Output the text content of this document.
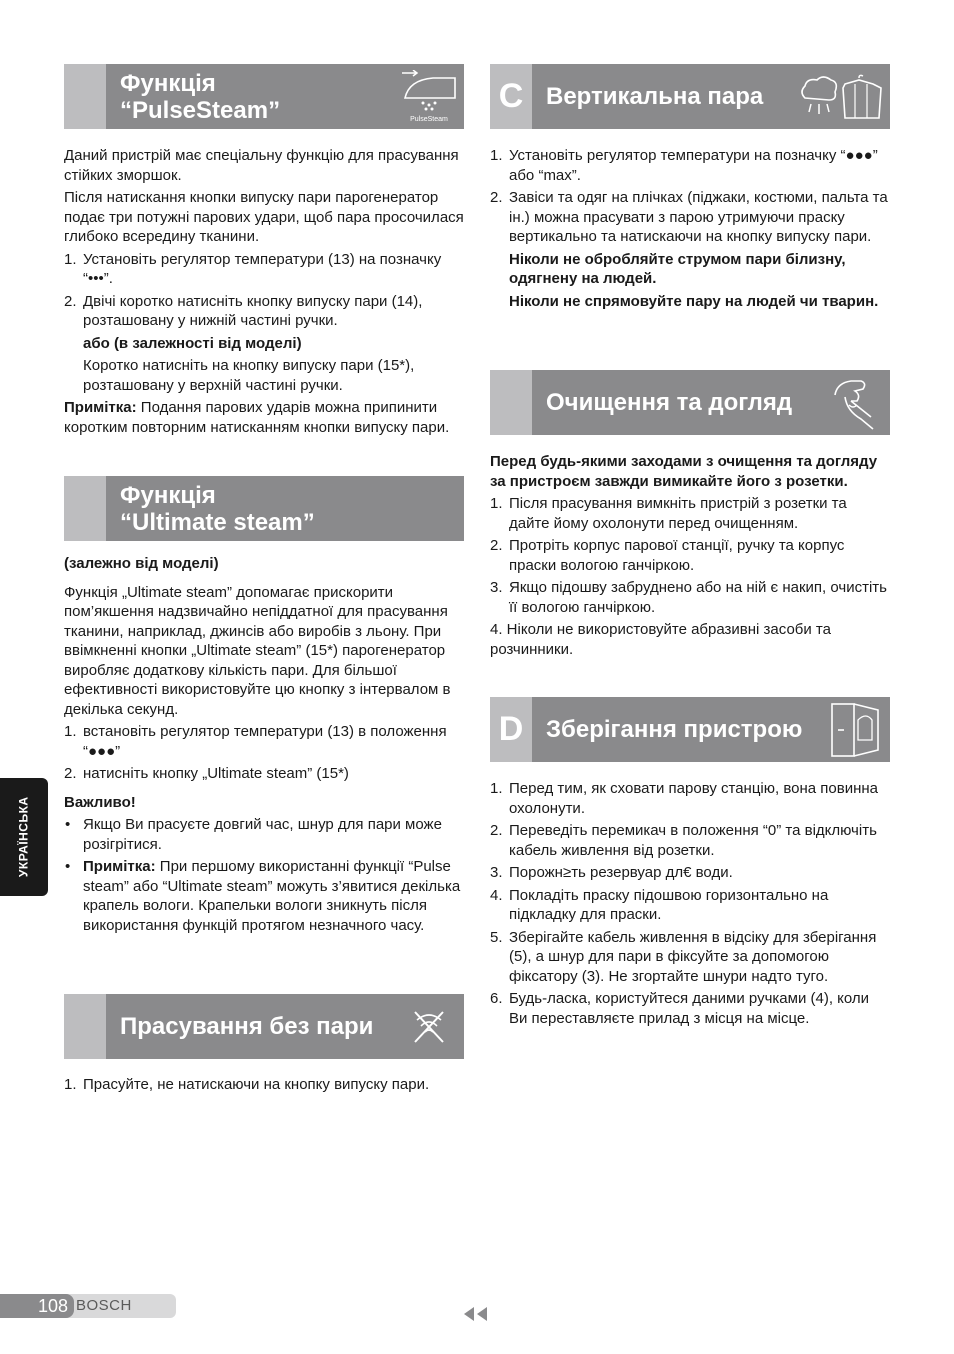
Функція
“PulseSteam”	PulseSteam

Даний пристрій має спеціальну функцію для прасування стійких зморшок.

Після натискання кнопки випуску пари парогенератор подає три потужні парових удари, щоб пара просочилася глибоко всередину тканини.

1. Установіть регулятор температури (13) на позначку “•••”.
2. Двічі коротко натисніть кнопку випуску пари (14), розташовану у нижній частині ручки.

або (в залежності від моделі)

Коротко натисніть на кнопку випуску пари (15*), розташовану у верхній частині ручки.

Примітка: Подання парових ударів можна припинити коротким повторним натисканням кнопки випуску пари.

Функція
“Ultimate steam”

(залежно від моделі)

Функція „Ultimate steam” допомагає прискорити пом’якшення надзвичайно непіддатної для прасування тканини, наприклад, джинсів або виробів з льону. При ввімкненні кнопки „Ultimate steam” (15*) парогенератор виробляє додаткову кількість пари. Для більшої ефективності використовуйте цю кнопку з інтервалом в декілька секунд.

1. встановіть регулятор температури (13) в положення “●●●”
2. натисніть кнопку „Ultimate steam” (15*)

Важливо!

• Якщо Ви прасуєте довгий час, шнур для пари може розігрітися.
• Примітка: При першому використанні функції “Pulse steam” або “Ultimate steam” можуть з’явитися декілька крапель вологи. Крапельки вологи зникнуть після використання функцій протягом незначного часу.
Прасування без пари
1. Прасуйте, не натискаючи на кнопку випуску пари.
C Вертикальна пара
1. Установіть регулятор температури на позначку “●●●” або “max”.
2. Завіси та одяг на плічках (піджаки, костюми, пальта та ін.) можна прасувати з парою утримуючи праску вертикально та натискаючи на кнопку випуску пари.

Ніколи не обробляйте струмом пари білизну, одягнену на людей.

Ніколи не спрямовуйте пару на людей чи тварин.

Очищення та догляд

Перед будь-якими заходами з очищення та догляду за пристроєм завжди вимикайте його з розетки.

1. Після прасування вимкніть пристрій з розетки та дайте йому охолонути перед очищенням.
2. Протріть корпус парової станції, ручку та корпус праски вологою ганчіркою.
3. Якщо підошву забруднено або на ній є накип, очистіть її вологою ганчіркою.

4. Ніколи не використовуйте абразивні засоби та розчинники.

D Зберігання пристрою
1. Перед тим, як сховати парову станцію, вона повинна охолонути.
2. Переведіть перемикач в положення “0” та відключіть кабель живлення від розетки.
3. Порожн≥ть резервуар дл€ води.
4. Покладіть праску підошвою горизонтально на підкладку для праски.
5. Зберігайте кабель живлення в відсіку для зберігання (5), а шнур для пари в фіксуйте за допомогою фіксатору (3). Не згортайте шнури надто туго.
6. Будь-ласка, користуйтеся даними ручками (4), коли Ви переставляєте прилад з місця на місце.
УКРАЇНСЬКА
108 BOSCH
